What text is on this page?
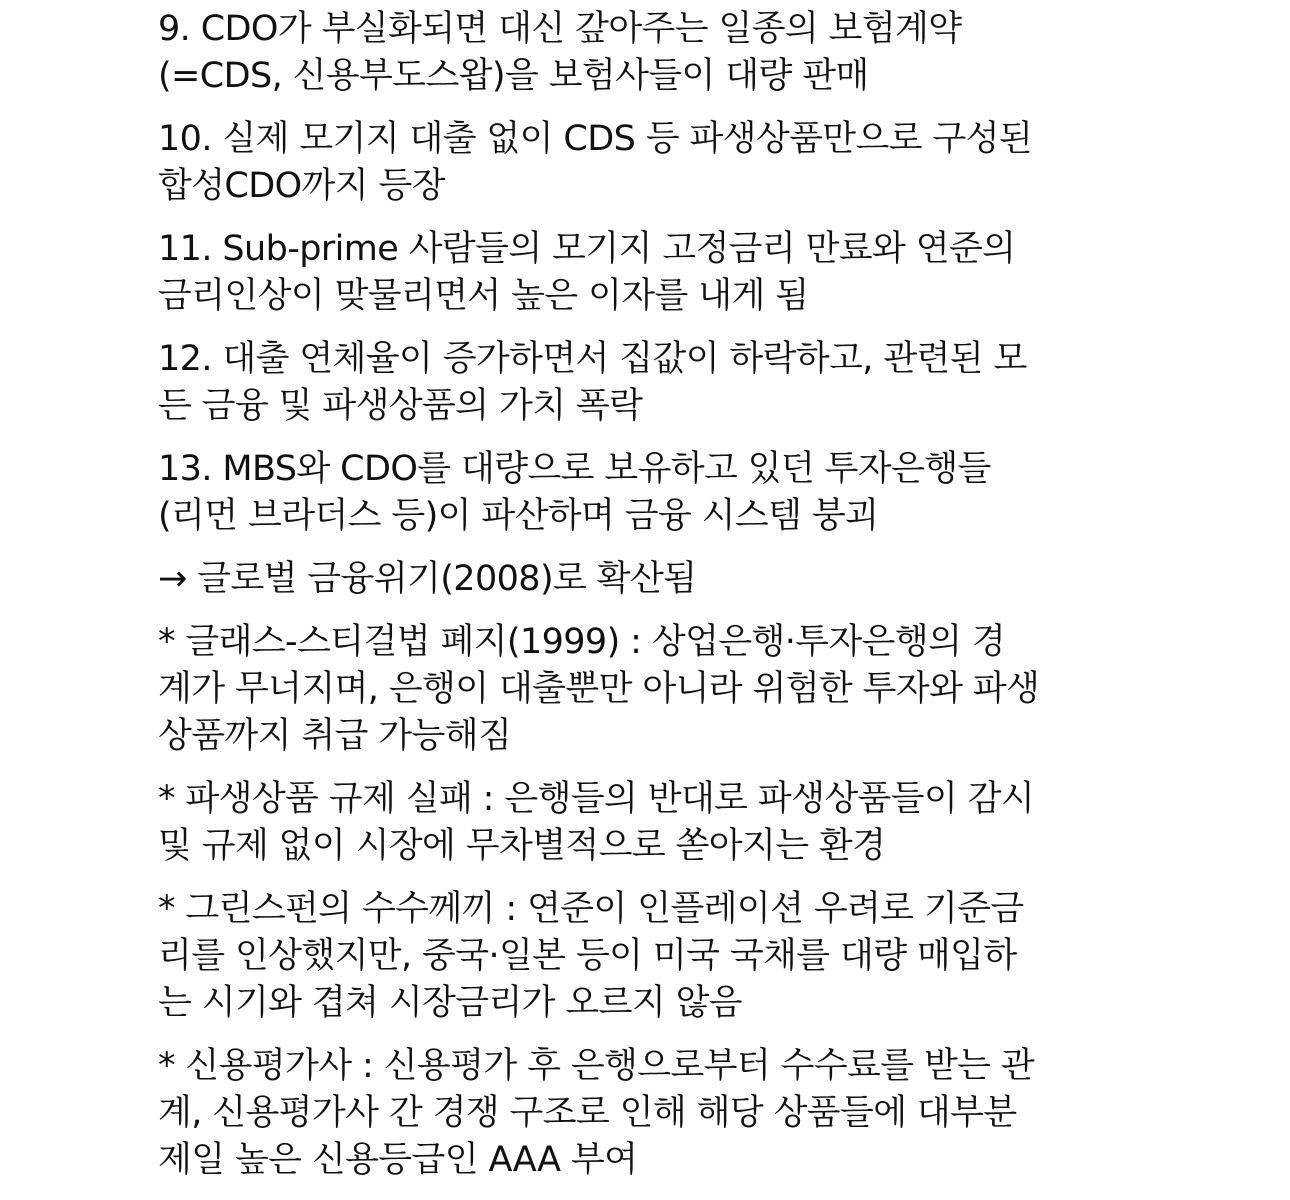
9. CDO가 부실화되면 대신 갚아주는 일종의 보험계약
(=CDS, 신용부도스왑)을 보험사들이 대량 판매
10. 실제 모기지 대출 없이 CDS 등 파생상품만으로 구성된
합성CDO까지 등장
11. Sub-prime 사람들의 모기지 고정금리 만료와 연준의
금리인상이 맞물리면서 높은 이자를 내게 됨
12. 대출 연체율이 증가하면서 집값이 하락하고, 관련된 모
든 금융 및 파생상품의 가치 폭락
13. MBS와 CDO를 대량으로 보유하고 있던 투자은행들
(리먼 브라더스 등)이 파산하며 금융 시스템 붕괴
→ 글로벌 금융위기(2008)로 확산됨
* 글래스-스티걸법 폐지(1999) : 상업은행·투자은행의 경
계가 무너지며, 은행이 대출뿐만 아니라 위험한 투자와 파생
상품까지 취급 가능해짐
* 파생상품 규제 실패 : 은행들의 반대로 파생상품들이 감시
및 규제 없이 시장에 무차별적으로 쏟아지는 환경
* 그린스펀의 수수께끼 : 연준이 인플레이션 우려로 기준금
리를 인상했지만, 중국·일본 등이 미국 국채를 대량 매입하
는 시기와 겹쳐 시장금리가 오르지 않음
* 신용평가사 : 신용평가 후 은행으로부터 수수료를 받는 관
계, 신용평가사 간 경쟁 구조로 인해 해당 상품들에 대부분
제일 높은 신용등급인 AAA 부여
